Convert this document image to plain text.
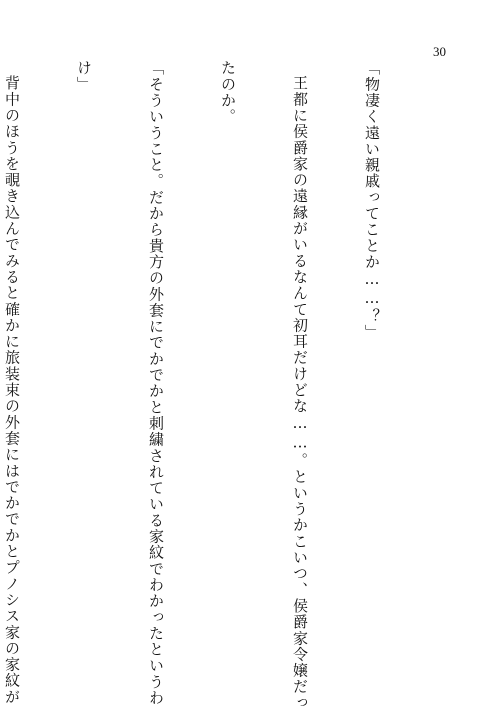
30

「物凄く遠い親戚ってことか……？」

王都に侯爵家の遠縁がいるなんて初耳だけどな……。というかこいつ、侯爵家令嬢だっ

たのか。

「そういうこと。だから貴方の外套にでかでかと刺繍されている家紋でわかったというわ

け」

背中のほうを覗き込んでみると確かに旅装束の外套にはでかでかとプノシス家の家紋が
